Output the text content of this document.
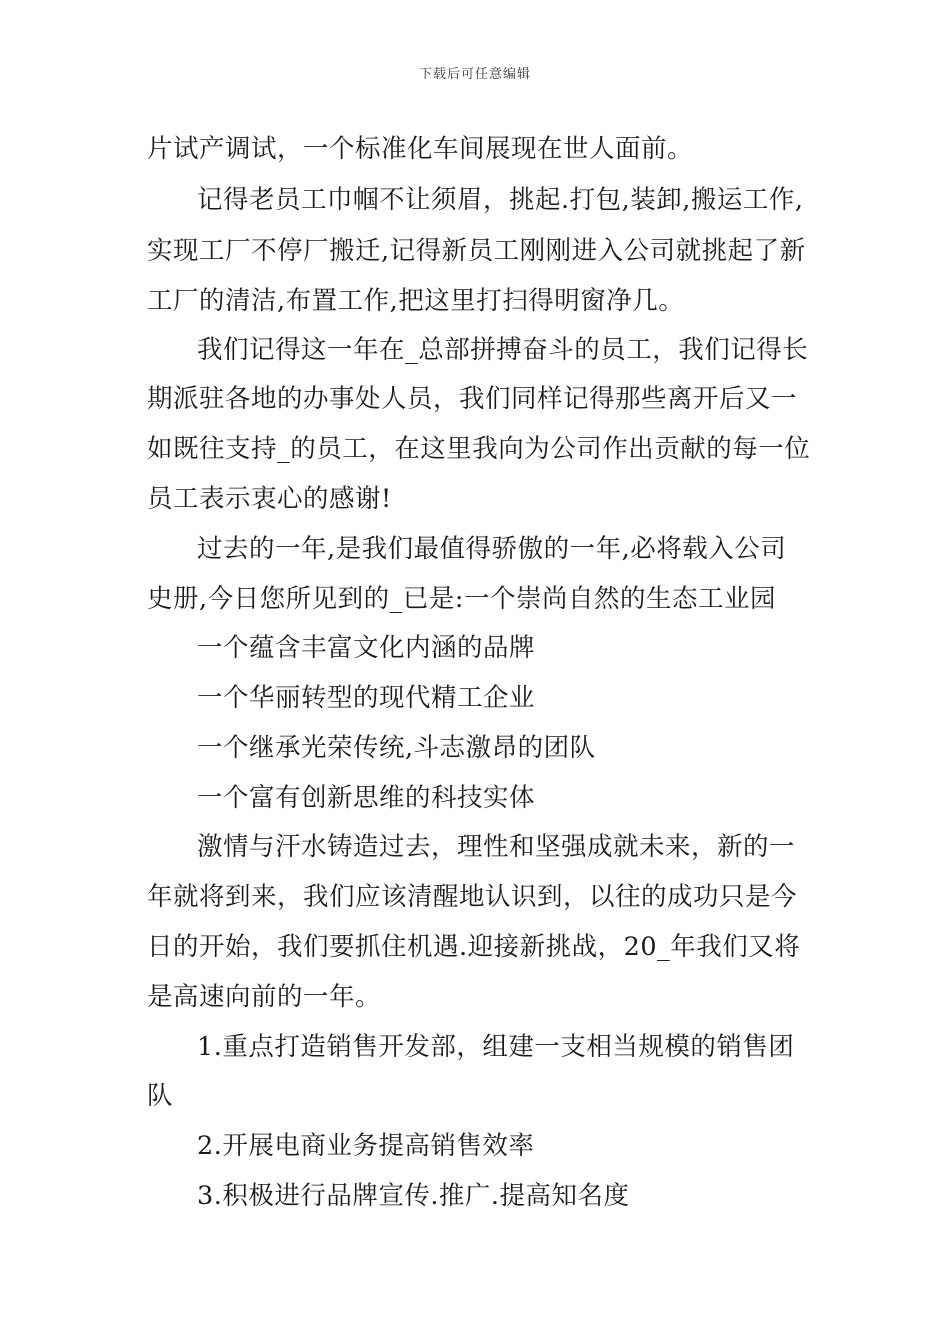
下载后可任意编辑
片试产调试，一个标准化车间展现在世人面前。
记得老员工巾帼不让须眉，挑起.打包,装卸,搬运工作,
实现工厂不停厂搬迁,记得新员工刚刚进入公司就挑起了新
工厂的清洁,布置工作,把这里打扫得明窗净几。
我们记得这一年在_总部拼搏奋斗的员工，我们记得长
期派驻各地的办事处人员，我们同样记得那些离开后又一
如既往支持_的员工，在这里我向为公司作出贡献的每一位
员工表示衷心的感谢!
过去的一年,是我们最值得骄傲的一年,必将载入公司
史册,今日您所见到的_已是:一个崇尚自然的生态工业园
一个蕴含丰富文化内涵的品牌
一个华丽转型的现代精工企业
一个继承光荣传统,斗志激昂的团队
一个富有创新思维的科技实体
激情与汗水铸造过去，理性和坚强成就未来，新的一
年就将到来，我们应该清醒地认识到，以往的成功只是今
日的开始，我们要抓住机遇.迎接新挑战，20_年我们又将
是高速向前的一年。
1.重点打造销售开发部，组建一支相当规模的销售团
队
2.开展电商业务提高销售效率
3.积极进行品牌宣传.推广.提高知名度
